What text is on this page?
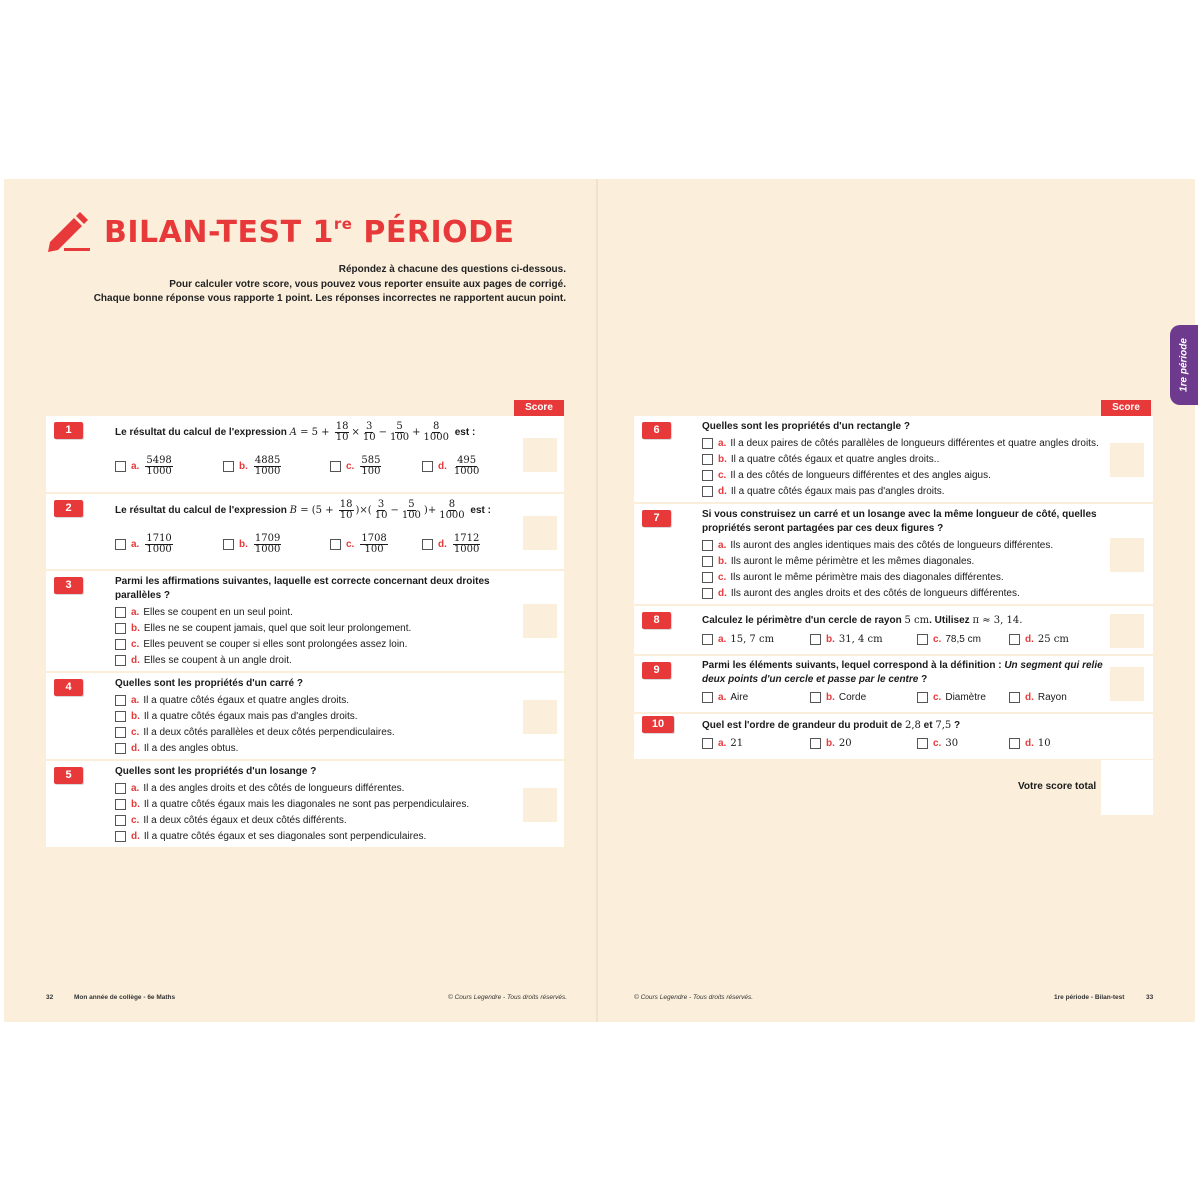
BILAN-TEST 1re PÉRIODE
Répondez à chacune des questions ci-dessous.
Pour calculer votre score, vous pouvez vous reporter ensuite aux pages de corrigé.
Chaque bonne réponse vous rapporte 1 point. Les réponses incorrectes ne rapportent aucun point.
Score
1	Le résultat du calcul de l'expression $A = 5 + \frac{18}{10} \times \frac{3}{10} - \frac{5}{100} + \frac{8}{1000}$ est :
a. $\frac{5498}{1000}$	b. $\frac{4885}{1000}$	c. $\frac{585}{100}$	d. $\frac{495}{1000}$
2	Le résultat du calcul de l'expression $B = (5 + \frac{18}{10}$ )×( $\frac{3}{10} - \frac{5}{100}$ )+ $\frac{8}{1000}$ est :
a. $\frac{1710}{1000}$	b. $\frac{1709}{1000}$	c. $\frac{1708}{100}$	d. $\frac{1712}{1000}$
3	Parmi les affirmations suivantes, laquelle est correcte concernant deux droites parallèles ?
a. Elles se coupent en un seul point.
b. Elles ne se coupent jamais, quel que soit leur prolongement.
c. Elles peuvent se couper si elles sont prolongées assez loin.
d. Elles se coupent à un angle droit.
4	Quelles sont les propriétés d'un carré ?
a. Il a quatre côtés égaux et quatre angles droits.
b. Il a quatre côtés égaux mais pas d'angles droits.
c. Il a deux côtés parallèles et deux côtés perpendiculaires.
d. Il a des angles obtus.
5	Quelles sont les propriétés d'un losange ?
a. Il a des angles droits et des côtés de longueurs différentes.
b. Il a quatre côtés égaux mais les diagonales ne sont pas perpendiculaires.
c. Il a deux côtés égaux et deux côtés différents.
d. Il a quatre côtés égaux et ses diagonales sont perpendiculaires.
32	Mon année de collège - 6e Maths	© Cours Legendre - Tous droits réservés.
Score
6	Quelles sont les propriétés d'un rectangle ?
a. Il a deux paires de côtés parallèles de longueurs différentes et quatre angles droits.
b. Il a quatre côtés égaux et quatre angles droits..
c. Il a des côtés de longueurs différentes et des angles aigus.
d. Il a quatre côtés égaux mais pas d'angles droits.
7	Si vous construisez un carré et un losange avec la même longueur de côté, quelles propriétés seront partagées par ces deux figures ?
a. Ils auront des angles identiques mais des côtés de longueurs différentes.
b. Ils auront le même périmètre et les mêmes diagonales.
c. Ils auront le même périmètre mais des diagonales différentes.
d. Ils auront des angles droits et des côtés de longueurs différentes.
8	Calculez le périmètre d'un cercle de rayon 5 cm. Utilisez π ≈ 3, 14.
a. 15, 7 cm	b. 31, 4 cm	c. 78,5 cm	d. 25 cm
9	Parmi les éléments suivants, lequel correspond à la définition : Un segment qui relie deux points d'un cercle et passe par le centre ?
a. Aire	b. Corde	c. Diamètre	d. Rayon
10	Quel est l'ordre de grandeur du produit de 2,8 et 7,5 ?
a. 21	b. 20	c. 30	d. 10
Votre score total
© Cours Legendre - Tous droits réservés.	1re période - Bilan-test	33
1re période
